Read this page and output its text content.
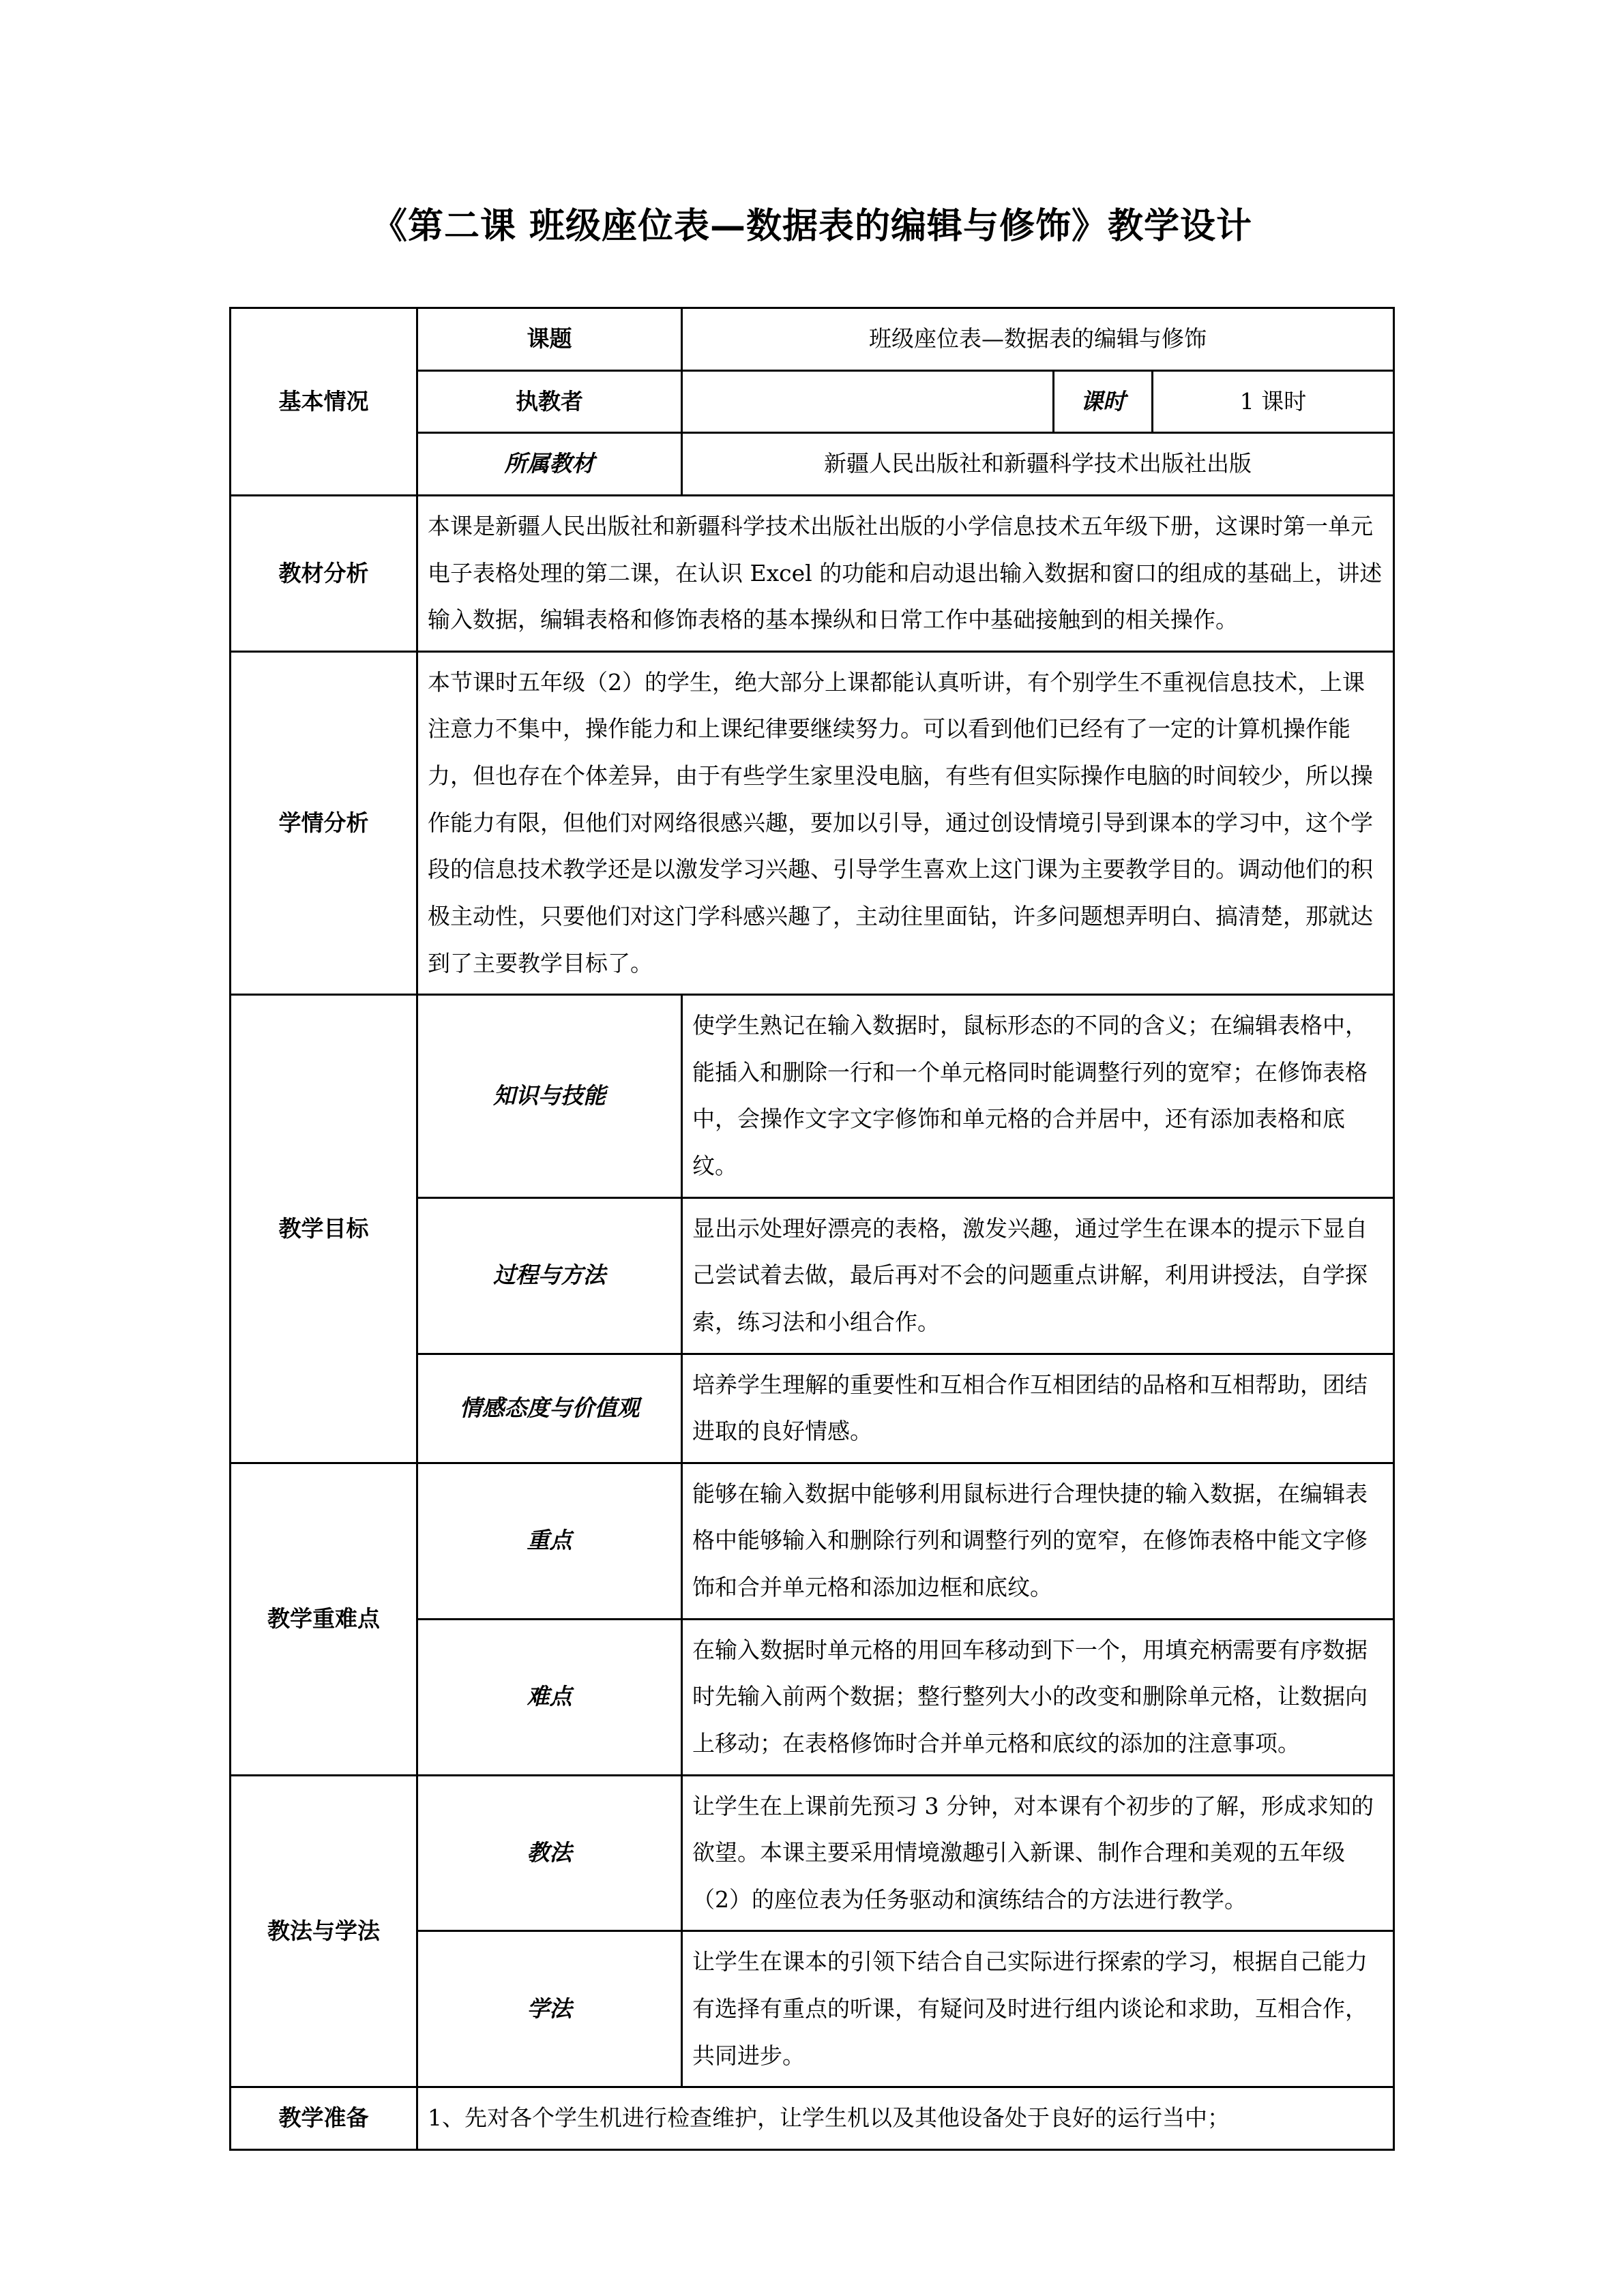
《第二课 班级座位表—数据表的编辑与修饰》教学设计
基本情况	课题	班级座位表—数据表的编辑与修饰		
	执教者		课时	1 课时
	所属教材	新疆人民出版社和新疆科学技术出版社出版		
教材分析	本课是新疆人民出版社和新疆科学技术出版社出版的小学信息技术五年级下册，这课时第一单元　电子表格处理的第二课，在认识 Excel 的功能和启动退出输入数据和窗口的组成的基础上，讲述输入数据，编辑表格和修饰表格的基本操纵和日常工作中基础接触到的相关操作。			
学情分析	本节课时五年级（2）的学生，绝大部分上课都能认真听讲，有个别学生不重视信息技术，上课注意力不集中，操作能力和上课纪律要继续努力。可以看到他们已经有了一定的计算机操作能力，但也存在个体差异，由于有些学生家里没电脑，有些有但实际操作电脑的时间较少，所以操作能力有限，但他们对网络很感兴趣，要加以引导，通过创设情境引导到课本的学习中，这个学段的信息技术教学还是以激发学习兴趣、引导学生喜欢上这门课为主要教学目的。调动他们的积极主动性，只要他们对这门学科感兴趣了，主动往里面钻，许多问题想弄明白、搞清楚，那就达到了主要教学目标了。			
教学目标	知识与技能	使学生熟记在输入数据时，鼠标形态的不同的含义；在编辑表格中，能插入和删除一行和一个单元格同时能调整行列的宽窄；在修饰表格中，会操作文字文字修饰和单元格的合并居中，还有添加表格和底纹。		
	过程与方法	显出示处理好漂亮的表格，激发兴趣，通过学生在课本的提示下显自己尝试着去做，最后再对不会的问题重点讲解，利用讲授法，自学探索，练习法和小组合作。		
	情感态度与价值观	培养学生理解的重要性和互相合作互相团结的品格和互相帮助，团结进取的良好情感。		
教学重难点	重点	能够在输入数据中能够利用鼠标进行合理快捷的输入数据，在编辑表格中能够输入和删除行列和调整行列的宽窄，在修饰表格中能文字修饰和合并单元格和添加边框和底纹。		
	难点	在输入数据时单元格的用回车移动到下一个，用填充柄需要有序数据时先输入前两个数据；整行整列大小的改变和删除单元格，让数据向上移动；在表格修饰时合并单元格和底纹的添加的注意事项。		
教法与学法	教法	让学生在上课前先预习 3 分钟，对本课有个初步的了解，形成求知的欲望。本课主要采用情境激趣引入新课、制作合理和美观的五年级（2）的座位表为任务驱动和演练结合的方法进行教学。		
	学法	让学生在课本的引领下结合自己实际进行探索的学习，根据自己能力有选择有重点的听课，有疑问及时进行组内谈论和求助，互相合作，共同进步。		
教学准备	1、先对各个学生机进行检查维护，让学生机以及其他设备处于良好的运行当中；			
